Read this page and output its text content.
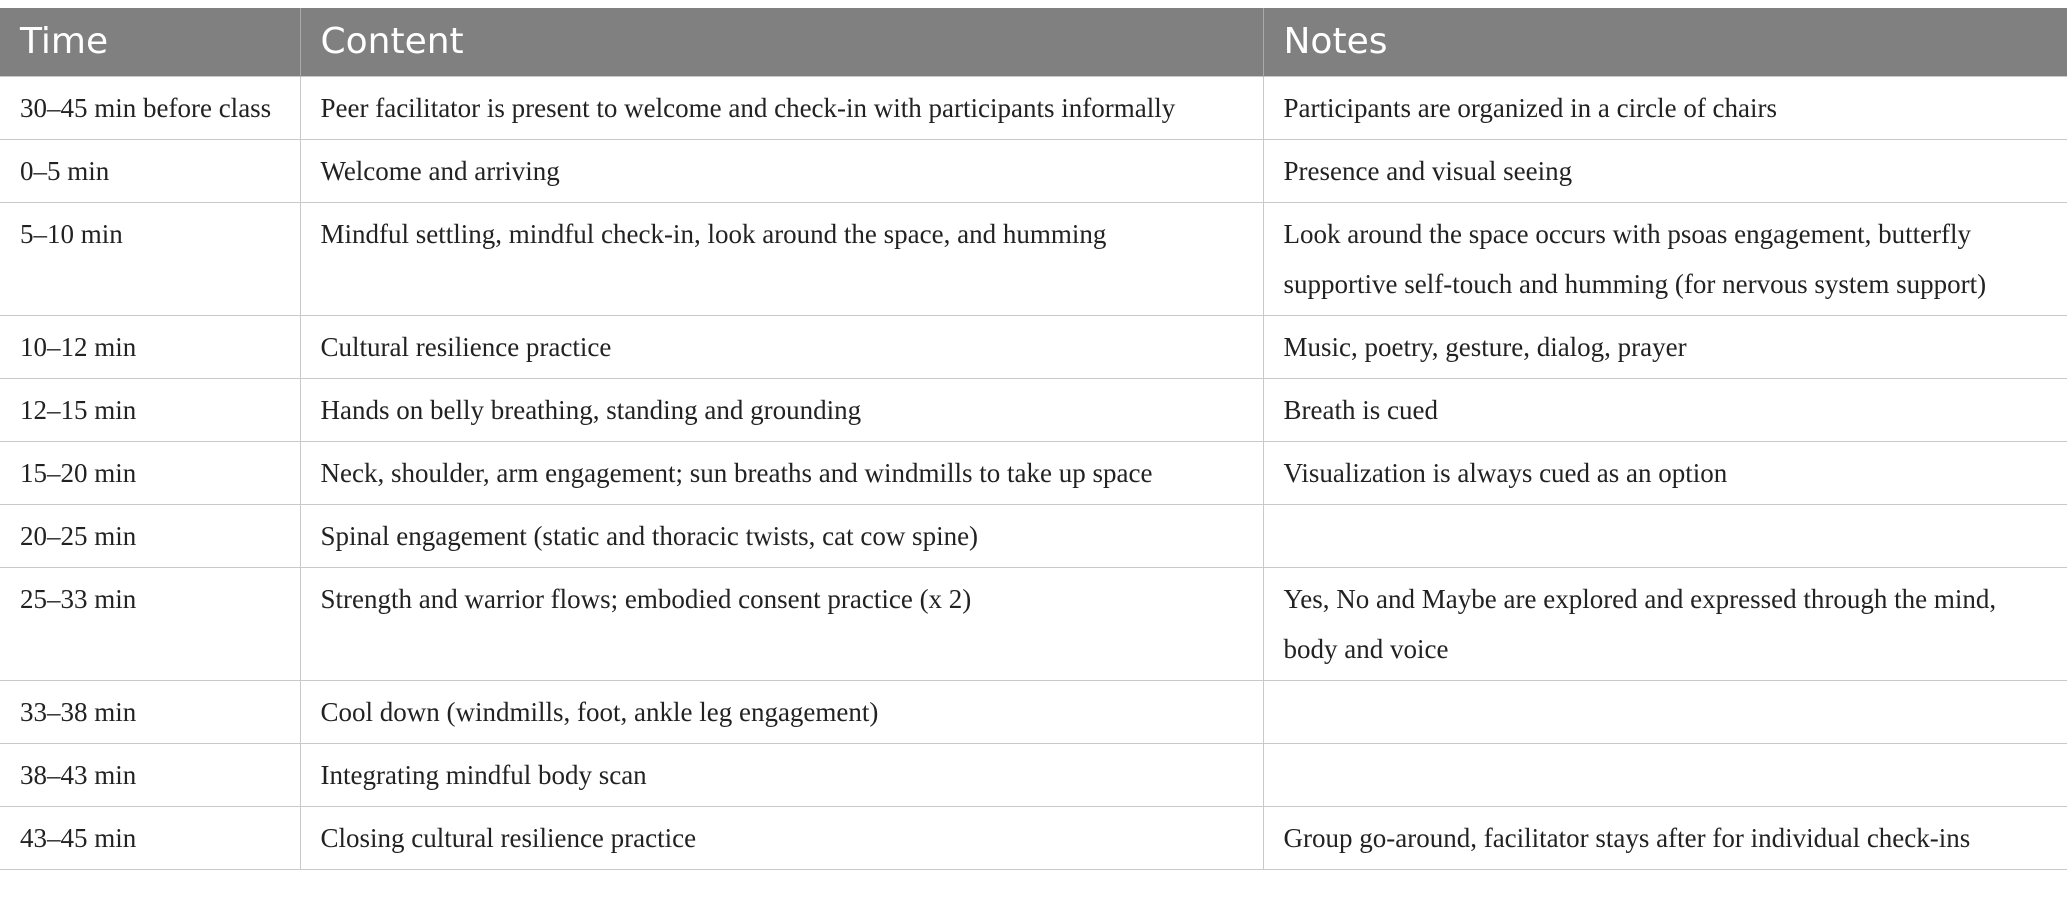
Time	Content	Notes
30–45 min before class	Peer facilitator is present to welcome and check-in with participants informally	Participants are organized in a circle of chairs
0–5 min	Welcome and arriving	Presence and visual seeing
5–10 min	Mindful settling, mindful check-in, look around the space, and humming	Look around the space occurs with psoas engagement, butterfly supportive self-touch and humming (for nervous system support)
10–12 min	Cultural resilience practice	Music, poetry, gesture, dialog, prayer
12–15 min	Hands on belly breathing, standing and grounding	Breath is cued
15–20 min	Neck, shoulder, arm engagement; sun breaths and windmills to take up space	Visualization is always cued as an option
20–25 min	Spinal engagement (static and thoracic twists, cat cow spine)	
25–33 min	Strength and warrior flows; embodied consent practice (x 2)	Yes, No and Maybe are explored and expressed through the mind, body and voice
33–38 min	Cool down (windmills, foot, ankle leg engagement)	
38–43 min	Integrating mindful body scan	
43–45 min	Closing cultural resilience practice	Group go-around, facilitator stays after for individual check-ins
